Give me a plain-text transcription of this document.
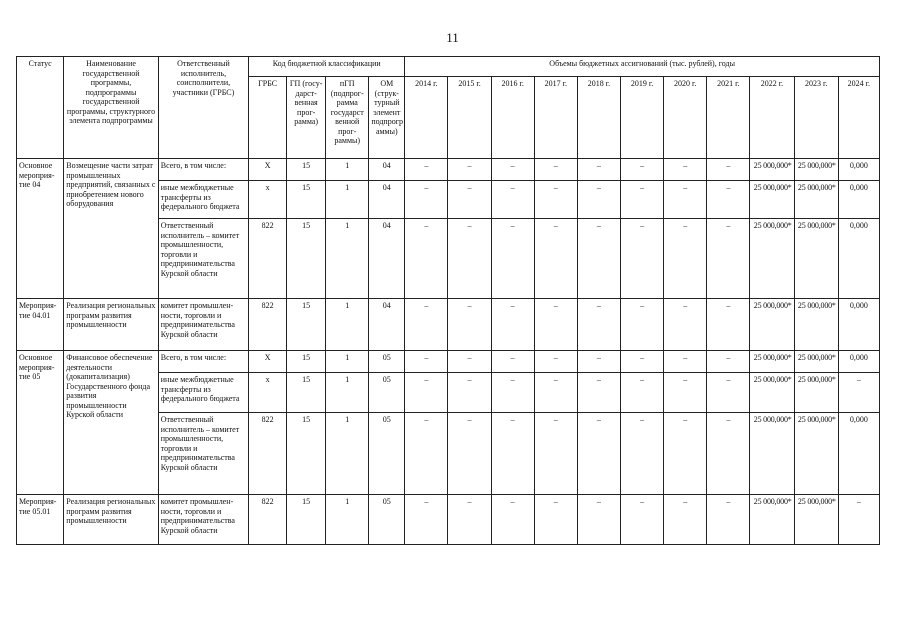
11
Статус	Наименование государственной программы, подпрограммы государственной программы, структурного элемента подпрограммы	Ответственный исполнитель, соисполнители, участники (ГРБС)	Код бюджетной классификации				Объемы бюджетных ассигнований (тыс. рублей), годы										
			ГРБС	ГП (госу-дарст-венная прог-рамма)	пГП (подпрог-рамма государст венной прог-раммы)	ОМ (струк-турный элемент подпрогр аммы)	2014 г.	2015 г.	2016 г.	2017 г.	2018 г.	2019 г.	2020 г.	2021 г.	2022 г.	2023 г.	2024 г.
Основное мероприя-тие 04	Возмещение части затрат промышленных предприятий, связанных с приобретением нового оборудования	Всего, в том числе:	Х	15	1	04	–	–	–	–	–	–	–	–	25 000,000*	25 000,000*	0,000
		иные межбюджетные трансферты из федерального бюджета	х	15	1	04	–	–	–	–	–	–	–	–	25 000,000*	25 000,000*	0,000
		Ответственный исполнитель – комитет промышленности, торговли и предпринимательства Курской области	822	15	1	04	–	–	–	–	–	–	–	–	25 000,000*	25 000,000*	0,000
Мероприя-тие 04.01	Реализация региональных программ развития промышленности	комитет промышлен-ности, торговли и предпринимательства Курской области	822	15	1	04	–	–	–	–	–	–	–	–	25 000,000*	25 000,000*	0,000
Основное мероприя-тие 05	Финансовое обеспечение деятельности (докапитализация) Государственного фонда развития промышленности Курской области	Всего, в том числе:	Х	15	1	05	–	–	–	–	–	–	–	–	25 000,000*	25 000,000*	0,000
		иные межбюджетные трансферты из федерального бюджета	х	15	1	05	–	–	–	–	–	–	–	–	25 000,000*	25 000,000*	–
		Ответственный исполнитель – комитет промышленности, торговли и предпринимательства Курской области	822	15	1	05	–	–	–	–	–	–	–	–	25 000,000*	25 000,000*	0,000
Мероприя-тие 05.01	Реализация региональных программ развития промышленности	комитет промышлен-ности, торговли и предпринимательства Курской области	822	15	1	05	–	–	–	–	–	–	–	–	25 000,000*	25 000,000*	–
